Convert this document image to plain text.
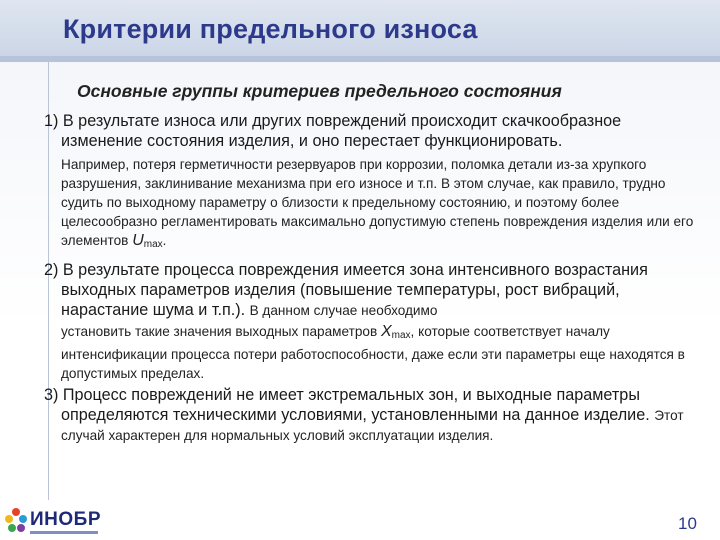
Критерии предельного износа
Основные группы критериев предельного состояния
1) В результате износа или других повреждений происходит скачкообразное изменение состояния изделия, и оно перестает функционировать.
Например, потеря герметичности резервуаров при коррозии, поломка детали из-за хрупкого разрушения, заклинивание механизма при его износе и т.п. В этом случае, как правило, трудно судить по выходному параметру о близости к предельному состоянию, и поэтому более целесообразно регламентировать максимально допустимую степень повреждения изделия или его элементов $U_{max}$.
2) В результате процесса повреждения имеется зона интенсивного возрастания выходных параметров изделия (повышение температуры, рост вибраций, нарастание шума и т.п.). В данном случае необходимо
установить такие значения выходных параметров $X_{max}$, которые соответствует началу интенсификации процесса потери работоспособности, даже если эти параметры еще находятся в допустимых пределах.
3) Процесс повреждений не имеет экстремальных зон, и выходные параметры определяются техническими условиями, установленными на данное изделие. Этот случай характерен для нормальных условий эксплуатации изделия.
ИНОБР	10
